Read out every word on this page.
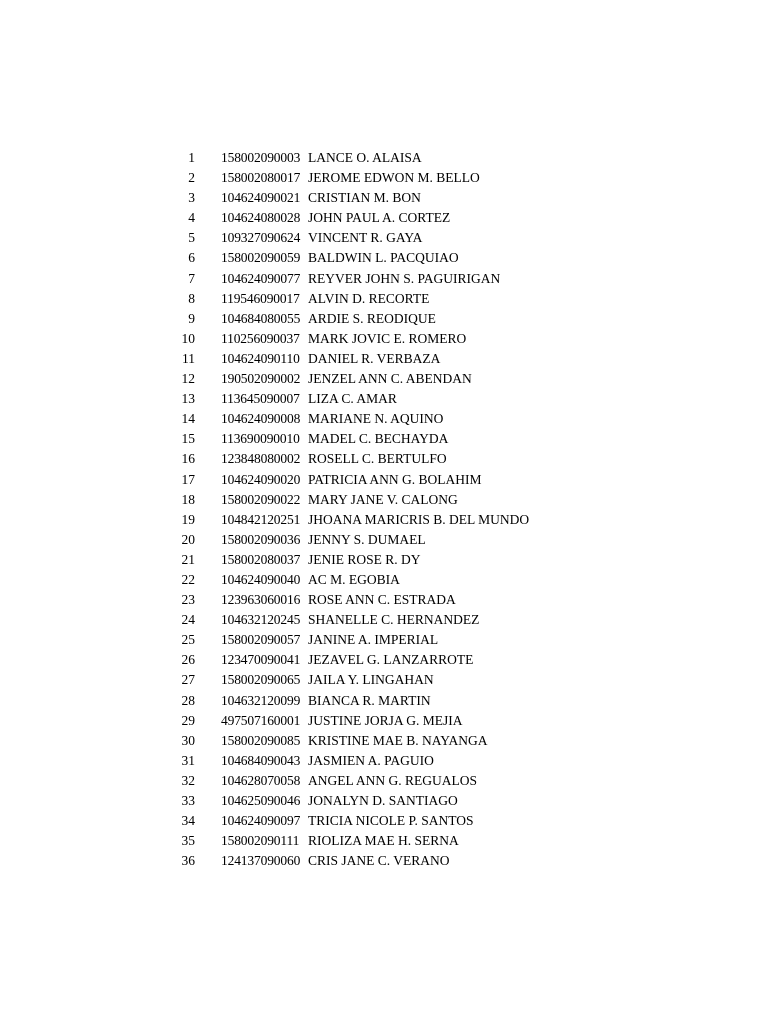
1 158002090003 LANCE O. ALAISA
2 158002080017 JEROME EDWON M. BELLO
3 104624090021 CRISTIAN M. BON
4 104624080028 JOHN PAUL A. CORTEZ
5 109327090624 VINCENT R. GAYA
6 158002090059 BALDWIN L. PACQUIAO
7 104624090077 REYVER JOHN S. PAGUIRIGAN
8 119546090017 ALVIN D. RECORTE
9 104684080055 ARDIE S. REODIQUE
10 110256090037 MARK JOVIC E. ROMERO
11 104624090110 DANIEL R. VERBAZA
12 190502090002 JENZEL ANN C. ABENDAN
13 113645090007 LIZA C. AMAR
14 104624090008 MARIANE N. AQUINO
15 113690090010 MADEL C. BECHAYDA
16 123848080002 ROSELL C. BERTULFO
17 104624090020 PATRICIA ANN G. BOLAHIM
18 158002090022 MARY JANE V. CALONG
19 104842120251 JHOANA MARICRIS B. DEL MUNDO
20 158002090036 JENNY S. DUMAEL
21 158002080037 JENIE ROSE R. DY
22 104624090040 AC M. EGOBIA
23 123963060016 ROSE ANN C. ESTRADA
24 104632120245 SHANELLE C. HERNANDEZ
25 158002090057 JANINE A. IMPERIAL
26 123470090041 JEZAVEL G. LANZARROTE
27 158002090065 JAILA Y. LINGAHAN
28 104632120099 BIANCA R. MARTIN
29 497507160001 JUSTINE JORJA G. MEJIA
30 158002090085 KRISTINE MAE B. NAYANGA
31 104684090043 JASMIEN A. PAGUIO
32 104628070058 ANGEL ANN G. REGUALOS
33 104625090046 JONALYN D. SANTIAGO
34 104624090097 TRICIA NICOLE P. SANTOS
35 158002090111 RIOLIZA MAE H. SERNA
36 124137090060 CRIS JANE C. VERANO
